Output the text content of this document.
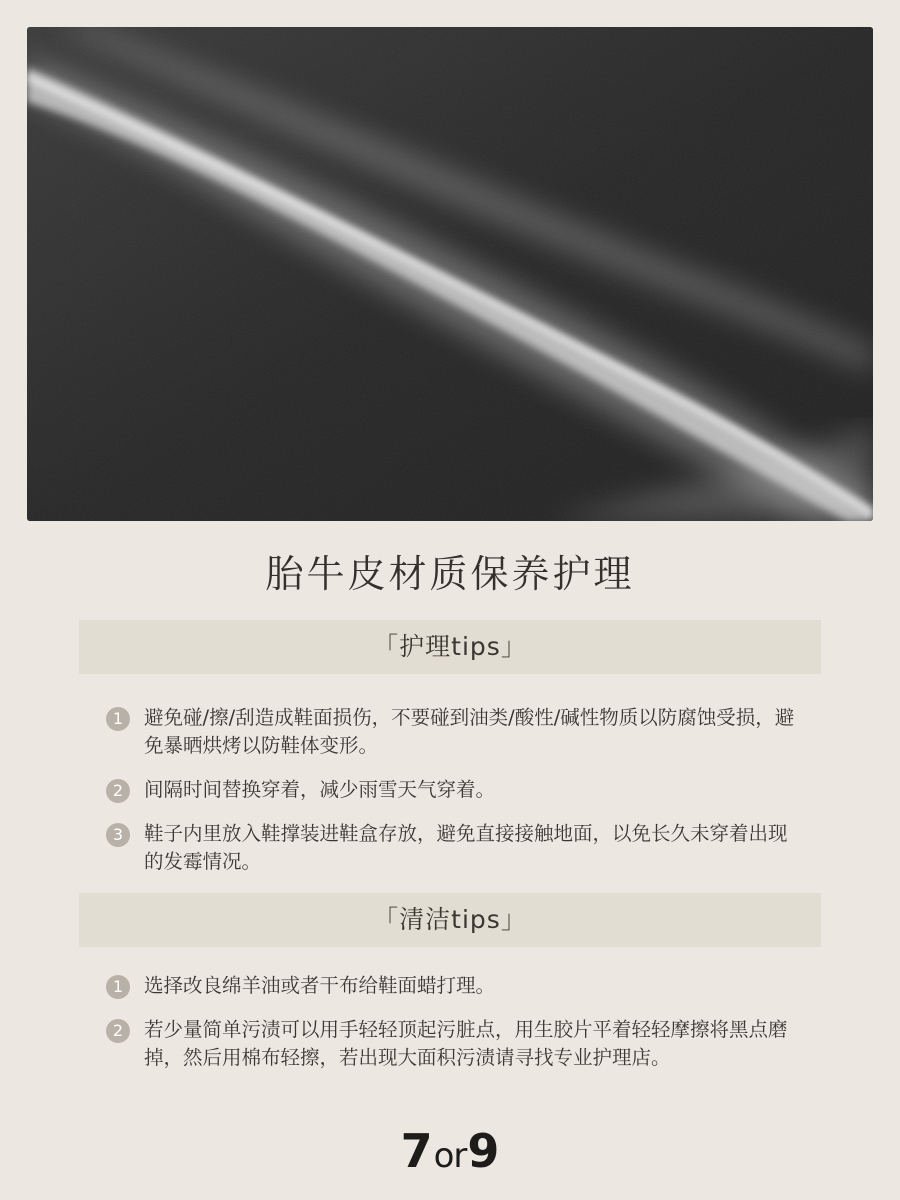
胎牛皮材质保养护理
「护理tips」
1	避免碰/擦/刮造成鞋面损伤，不要碰到油类/酸性/碱性物质以防腐蚀受损，避免暴晒烘烤以防鞋体变形。
2	间隔时间替换穿着，减少雨雪天气穿着。
3	鞋子内里放入鞋撑装进鞋盒存放，避免直接接触地面，以免长久未穿着出现的发霉情况。
「清洁tips」
1	选择改良绵羊油或者干布给鞋面蜡打理。
2	若少量简单污渍可以用手轻轻顶起污脏点，用生胶片平着轻轻摩擦将黑点磨掉，然后用棉布轻擦，若出现大面积污渍请寻找专业护理店。
7or9
